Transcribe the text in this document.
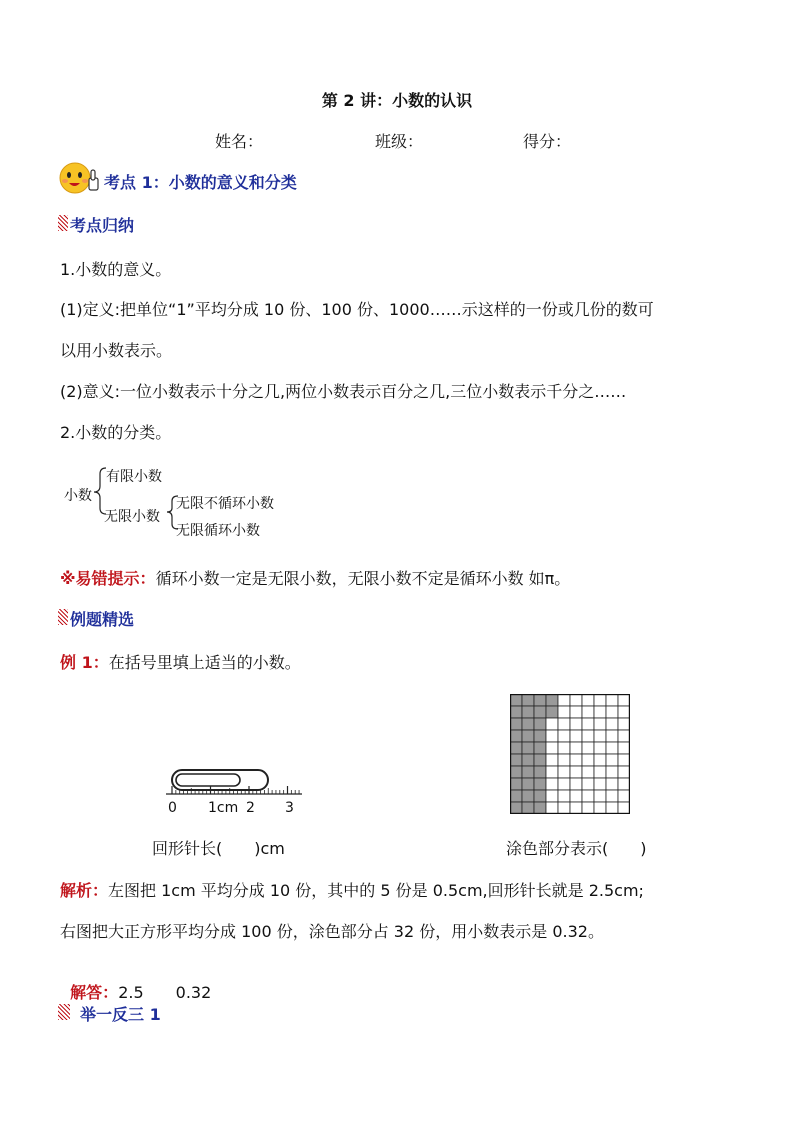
第 2 讲：小数的认识
姓名：	班级：	得分：
考点 1：小数的意义和分类
考点归纳
1.小数的意义。
(1)定义:把单位“1”平均分成 10 份、100 份、1000……示这样的一份或几份的数可
以用小数表示。
(2)意义:一位小数表示十分之几,两位小数表示百分之几,三位小数表示千分之……
2.小数的分类。
小数
有限小数
无限小数
无限不循环小数
无限循环小数
※易错提示：循环小数一定是无限小数，无限小数不定是循环小数 如π。
例题精选
例 1：在括号里填上适当的小数。
0 1cm 2 3
回形针长(　　)cm	涂色部分表示(　　)
解析：左图把 1cm 平均分成 10 份，其中的 5 份是 0.5cm,回形针长就是 2.5cm;
右图把大正方形平均分成 100 份，涂色部分占 32 份，用小数表示是 0.32。

解答：2.5　　0.32

举一反三 1
